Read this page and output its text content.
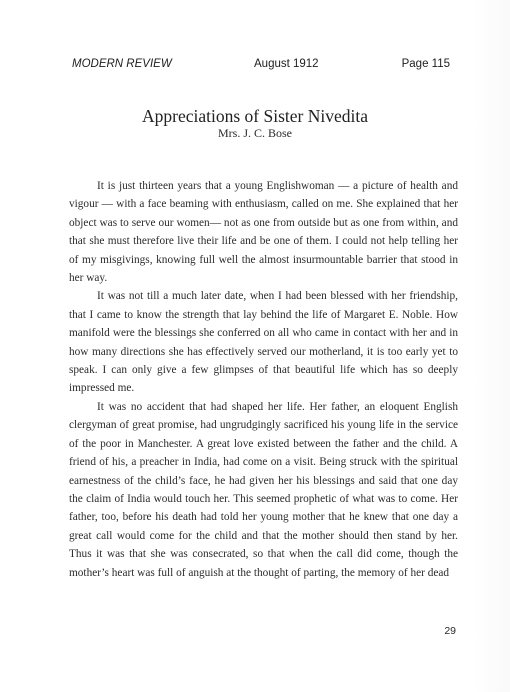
MODERN REVIEW	August 1912	Page 115
Appreciations of Sister Nivedita
Mrs. J. C. Bose

It is just thirteen years that a young Englishwoman — a picture of health and vigour — with a face beaming with enthusiasm, called on me. She explained that her object was to serve our women— not as one from outside but as one from within, and that she must therefore live their life and be one of them. I could not help telling her of my misgivings, knowing full well the almost insurmountable barrier that stood in her way.

It was not till a much later date, when I had been blessed with her friendship, that I came to know the strength that lay behind the life of Margaret E. Noble. How manifold were the blessings she conferred on all who came in contact with her and in how many directions she has effectively served our motherland, it is too early yet to speak. I can only give a few glimpses of that beautiful life which has so deeply impressed me.

It was no accident that had shaped her life. Her father, an eloquent English clergyman of great promise, had ungrudgingly sacrificed his young life in the service of the poor in Manchester. A great love existed between the father and the child. A friend of his, a preacher in India, had come on a visit. Being struck with the spiritual earnestness of the child’s face, he had given her his blessings and said that one day the claim of India would touch her. This seemed prophetic of what was to come. Her father, too, before his death had told her young mother that he knew that one day a great call would come for the child and that the mother should then stand by her. Thus it was that she was consecrated, so that when the call did come, though the mother’s heart was full of anguish at the thought of parting, the memory of her dead

29
